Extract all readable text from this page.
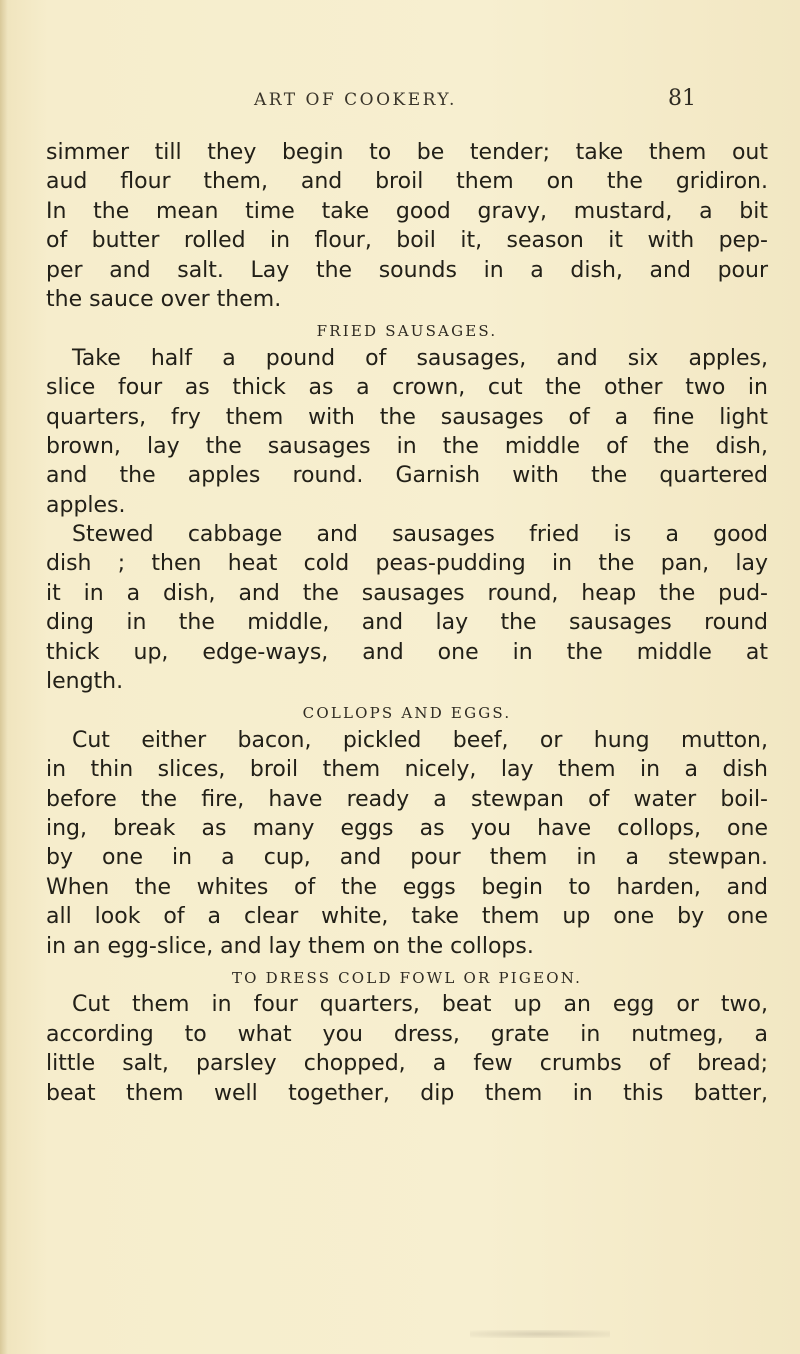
ART OF COOKERY.	81
simmer till they begin to be tender; take them out
aud flour them, and broil them on the gridiron.
In the mean time take good gravy, mustard, a bit
of butter rolled in flour, boil it, season it with pep-
per and salt. Lay the sounds in a dish, and pour
the sauce over them.
FRIED SAUSAGES.
Take half a pound of sausages, and six apples,
slice four as thick as a crown, cut the other two in
quarters, fry them with the sausages of a fine light
brown, lay the sausages in the middle of the dish,
and the apples round. Garnish with the quartered
apples.
Stewed cabbage and sausages fried is a good
dish ; then heat cold peas-pudding in the pan, lay
it in a dish, and the sausages round, heap the pud-
ding in the middle, and lay the sausages round
thick up, edge-ways, and one in the middle at
length.
COLLOPS AND EGGS.
Cut either bacon, pickled beef, or hung mutton,
in thin slices, broil them nicely, lay them in a dish
before the fire, have ready a stewpan of water boil-
ing, break as many eggs as you have collops, one
by one in a cup, and pour them in a stewpan.
When the whites of the eggs begin to harden, and
all look of a clear white, take them up one by one
in an egg-slice, and lay them on the collops.
TO DRESS COLD FOWL OR PIGEON.
Cut them in four quarters, beat up an egg or two,
according to what you dress, grate in nutmeg, a
little salt, parsley chopped, a few crumbs of bread;
beat them well together, dip them in this batter,
